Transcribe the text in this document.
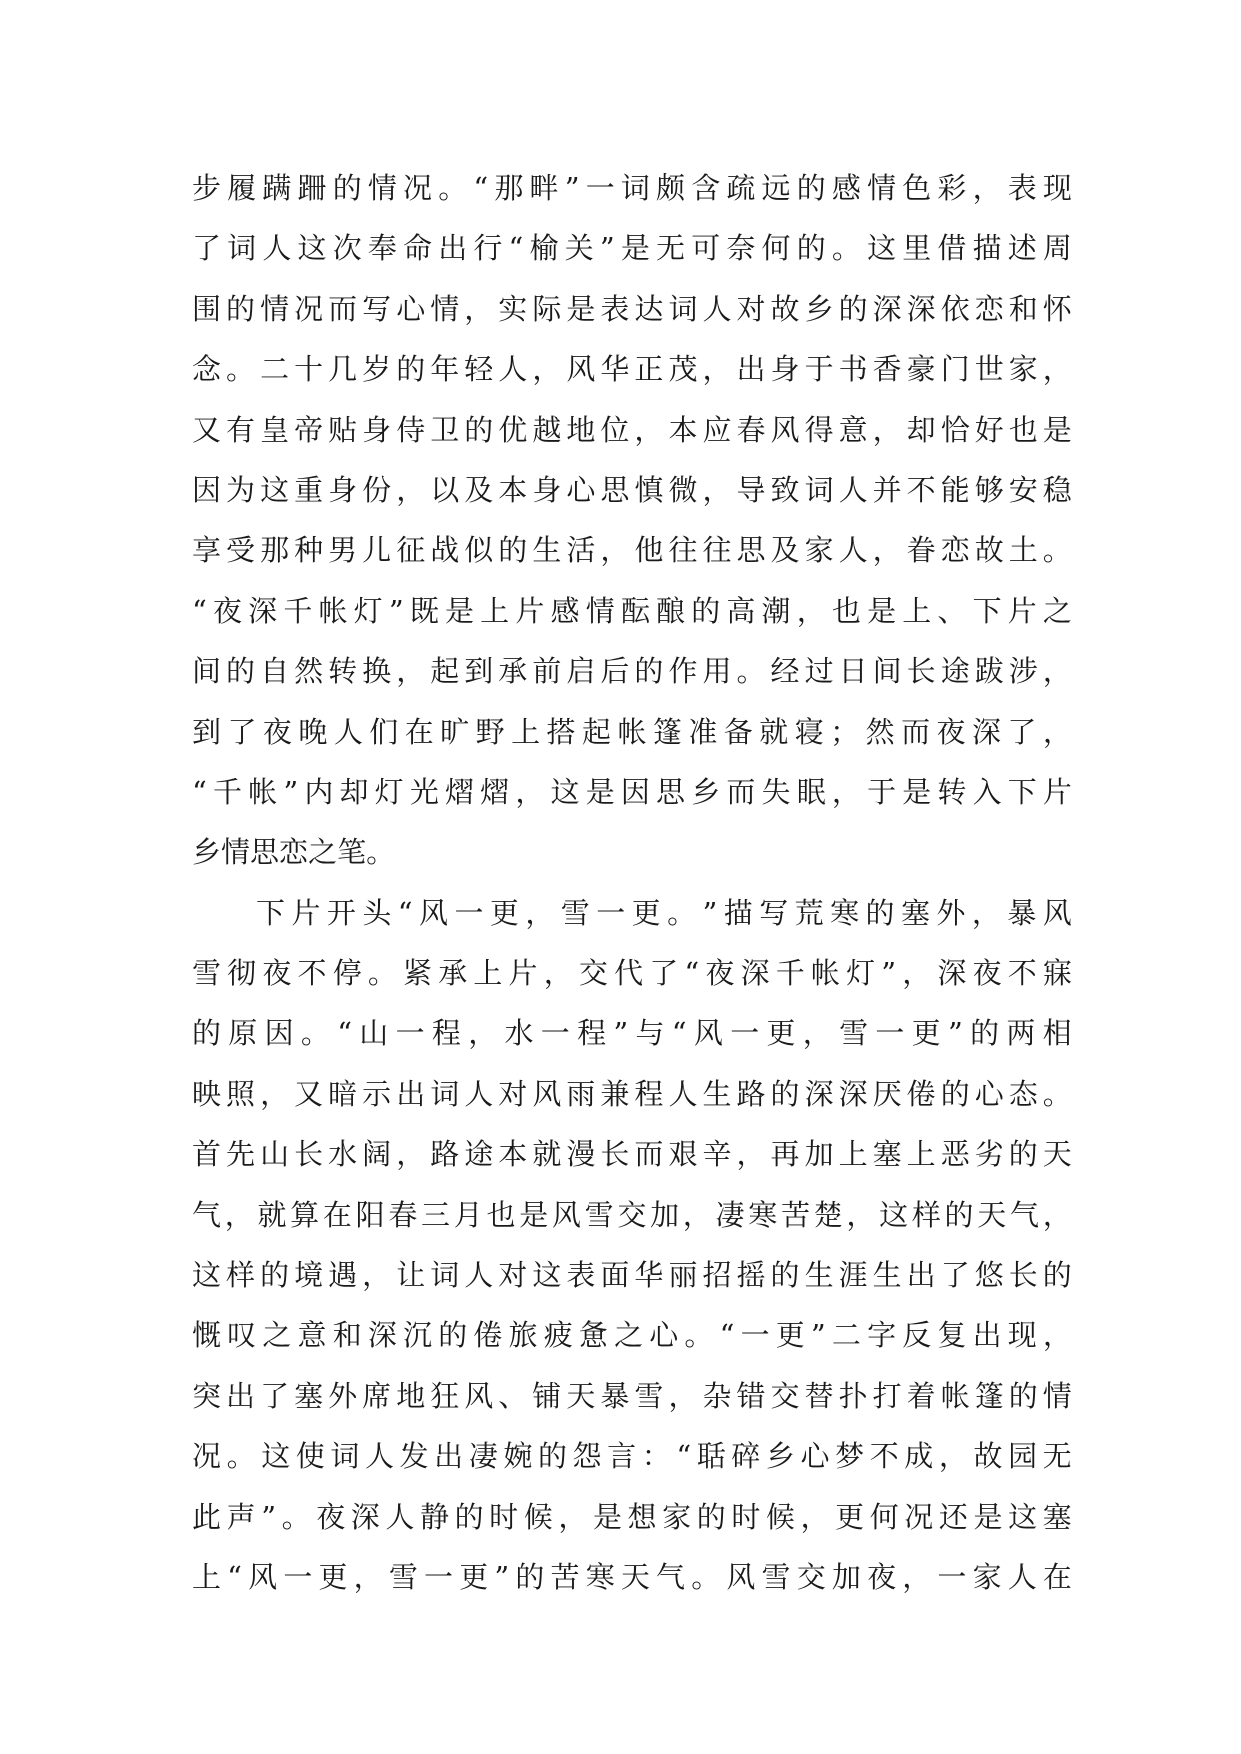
步 履 蹒 跚 的 情 况 。 “ 那 畔 ” 一 词 颇 含 疏 远 的 感 情 色 彩 ， 表 现
了 词 人 这 次 奉 命 出 行 “ 榆 关 ” 是 无 可 奈 何 的 。 这 里 借 描 述 周
围 的 情 况 而 写 心 情 ， 实 际 是 表 达 词 人 对 故 乡 的 深 深 依 恋 和 怀
念 。 二 十 几 岁 的 年 轻 人 ， 风 华 正 茂 ， 出 身 于 书 香 豪 门 世 家 ，
又 有 皇 帝 贴 身 侍 卫 的 优 越 地 位 ， 本 应 春 风 得 意 ， 却 恰 好 也 是
因 为 这 重 身 份 ， 以 及 本 身 心 思 慎 微 ， 导 致 词 人 并 不 能 够 安 稳
享 受 那 种 男 儿 征 战 似 的 生 活 ， 他 往 往 思 及 家 人 ， 眷 恋 故 土 。
“ 夜 深 千 帐 灯 ” 既 是 上 片 感 情 酝 酿 的 高 潮 ， 也 是 上 、 下 片 之
间 的 自 然 转 换 ， 起 到 承 前 启 后 的 作 用 。 经 过 日 间 长 途 跋 涉 ，
到 了 夜 晚 人 们 在 旷 野 上 搭 起 帐 篷 准 备 就 寝 ； 然 而 夜 深 了 ，
“ 千 帐 ” 内 却 灯 光 熠 熠 ， 这 是 因 思 乡 而 失 眠 ， 于 是 转 入 下 片
乡 情 思 恋 之 笔 。
下 片 开 头 “ 风 一 更 ， 雪 一 更 。 ” 描 写 荒 寒 的 塞 外 ， 暴 风
雪 彻 夜 不 停 。 紧 承 上 片 ， 交 代 了 “ 夜 深 千 帐 灯 ” ， 深 夜 不 寐
的 原 因 。 “ 山 一 程 ， 水 一 程 ” 与 “ 风 一 更 ， 雪 一 更 ” 的 两 相
映 照 ， 又 暗 示 出 词 人 对 风 雨 兼 程 人 生 路 的 深 深 厌 倦 的 心 态 。
首 先 山 长 水 阔 ， 路 途 本 就 漫 长 而 艰 辛 ， 再 加 上 塞 上 恶 劣 的 天
气 ， 就 算 在 阳 春 三 月 也 是 风 雪 交 加 ， 凄 寒 苦 楚 ， 这 样 的 天 气 ，
这 样 的 境 遇 ， 让 词 人 对 这 表 面 华 丽 招 摇 的 生 涯 生 出 了 悠 长 的
慨 叹 之 意 和 深 沉 的 倦 旅 疲 惫 之 心 。 “ 一 更 ” 二 字 反 复 出 现 ，
突 出 了 塞 外 席 地 狂 风 、 铺 天 暴 雪 ， 杂 错 交 替 扑 打 着 帐 篷 的 情
况 。 这 使 词 人 发 出 凄 婉 的 怨 言 ： “ 聒 碎 乡 心 梦 不 成 ， 故 园 无
此 声 ” 。 夜 深 人 静 的 时 候 ， 是 想 家 的 时 候 ， 更 何 况 还 是 这 塞
上 “ 风 一 更 ， 雪 一 更 ” 的 苦 寒 天 气 。 风 雪 交 加 夜 ， 一 家 人 在
